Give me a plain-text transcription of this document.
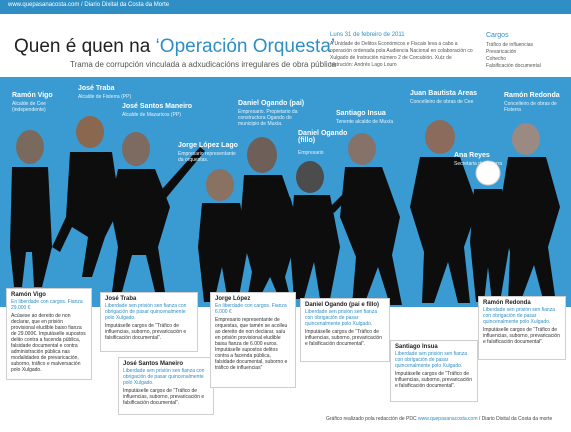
www.quepasanacosta.com / Diario Dixital da Costa da Morte
Quen é quen na ‘Operación Orquesta’
Trama de corrupción vinculada a adxudicacións irregulares de obra pública
Luns 31 de febreiro de 2011
A Unidade de Delitos Económicos e Fiscais leva a cabo a operación ordenada pola Audiencia Nacional en colaboración co Xulgado de Instrución número 2 de Corcubión. Xuíz de Instrución: Andrés Lago Louro
Cargos
Tráfico de influencias
Prevaricación
Cohecho
Falsificación documental
Ramón Vigo
Alcalde de Cee (independente)
José Traba
Alcalde de Fisterra (PP)
José Santos Maneiro
Alcalde de Mazaricos (PP)
Jorge López Lago
Empresario representante da orquestas.
Daniel Ogando (pai)
Empresario. Propietario da constructora Ogando do municipio de Muxía.
Daniel Ogando (fillo)
Empresario
Santiago Insua
Tenente alcalde de Muxía
Juan Bautista Areas
Concelleiro de obras de Cee
Ana Reyes
Secretaria do Fisterra
Ramón Redonda
Concelleiro de obras de Fisterra
Ramón Vigo
En liberdade con cargos. Fianza 29.000 €
Acúsese ao dereito de non declarar, que en prisión provisional eludible baixo fianza de 29.000€. Imputáselle supostos delito contra a facenda pública, falsidade documental e contra administración pública nas modalidades de prevaricación, suborno, tráfico e malversación polo Xulgado.
José Traba
Liberdade sen prisión sen fianza con obrigación de pasar quincenalmente polo Xulgado.
Imputáselle cargos de “Tráfico de influencias, suborno, prevaricación e falsificación documental”.
José Santos Maneiro
Liberdade sen prisión sen fianza con obrigación de pasar quincenalmente polo Xulgado.
Imputáselle cargos de “Tráfico de influencias, suborno, prevaricación e falsificación documental”.
Jorge López
En liberdade con cargos. Fianza 6.000 €
Empresario representante de orquestas, que tamén se acolleu ao dereito de non declarar, saíu en prisión provisional eludible baixa fianza de 6.000 euros. Imputáselle supostos delitos contra a facenda pública, falsidade documental, suborno e tráfico de influencias”
Daniel Ogando (pai e fillo)
Liberdade sen prisión sen fianza con obrigación de pasar quincenalmente polo Xulgado.
Imputáselle cargos de “Tráfico de influencias, suborno, prevaricación e falsificación documental”.	Santiago Insua
Liberdade sen prisión sen fianza con obrigación de pasar quincenalmente polo Xulgado.
Imputáselle cargos de “Tráfico de influencias, suborno, prevaricación e falsificación documental”.
Ramón Redonda
Liberdade sen prisión sen fianza con obrigación de pasar quincenalmente polo Xulgado.
Imputáselle cargos de “Tráfico de influencias, suborno, prevaricación e falsificación documental”.
Gráfico realizado pola redacción de PDC www.quepasanacosta.com / Diario Dixital da Costa da morte
